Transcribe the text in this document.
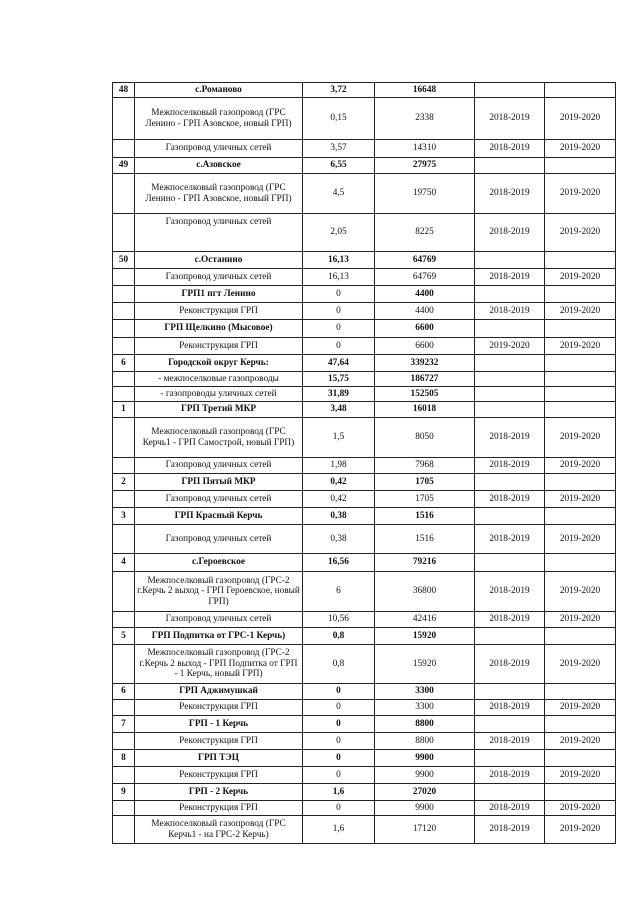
48	с.Романово	3,72	16648		
	Межпоселковый газопровод (ГРС Ленино - ГРП Азовское, новый ГРП)	0,15	2338	2018-2019	2019-2020
	Газопровод уличных сетей	3,57	14310	2018-2019	2019-2020
49	с.Азовское	6,55	27975		
	Межпоселковый газопровод (ГРС Ленино - ГРП Азовское, новый ГРП)	4,5	19750	2018-2019	2019-2020
	Газопровод уличных сетей	2,05	8225	2018-2019	2019-2020
50	с.Останино	16,13	64769		
	Газопровод уличных сетей	16,13	64769	2018-2019	2019-2020
	ГРП1 пгт Ленино	0	4400		
	Реконструкция ГРП	0	4400	2018-2019	2019-2020
	ГРП Щелкино (Мысовое)	0	6600		
	Реконструкция ГРП	0	6600	2019-2020	2019-2020
6	Городской округ Керчь:	47,64	339232		
	- межпоселковые газопроводы	15,75	186727		
	- газопроводы уличных сетей	31,89	152505		
1	ГРП Третий МКР	3,48	16018		
	Межпоселковый газопровод (ГРС Керчь1 - ГРП Самострой, новый ГРП)	1,5	8050	2018-2019	2019-2020
	Газопровод уличных сетей	1,98	7968	2018-2019	2019-2020
2	ГРП Пятый МКР	0,42	1705		
	Газопровод уличных сетей	0,42	1705	2018-2019	2019-2020
3	ГРП Красный Керчь	0,38	1516		
	Газопровод уличных сетей	0,38	1516	2018-2019	2019-2020
4	с.Героевское	16,56	79216		
	Межпоселковый газопровод (ГРС-2 г.Керчь 2 выход - ГРП Героевское, новый ГРП)	6	36800	2018-2019	2019-2020
	Газопровод уличных сетей	10,56	42416	2018-2019	2019-2020
5	ГРП Подпитка от ГРС-1 Керчь)	0,8	15920		
	Межпоселковый газопровод (ГРС-2 г.Керчь 2 выход - ГРП Подпитка от ГРП - 1 Керчь, новый ГРП)	0,8	15920	2018-2019	2019-2020
6	ГРП Аджимушкай	0	3300		
	Реконструкция ГРП	0	3300	2018-2019	2019-2020
7	ГРП - 1 Керчь	0	8800		
	Реконструкция ГРП	0	8800	2018-2019	2019-2020
8	ГРП ТЭЦ	0	9900		
	Реконструкция ГРП	0	9900	2018-2019	2019-2020
9	ГРП - 2 Керчь	1,6	27020		
	Реконструкция ГРП	0	9900	2018-2019	2019-2020
	Межпоселковый газопровод (ГРС Керчь1 - на ГРС-2 Керчь)	1,6	17120	2018-2019	2019-2020
